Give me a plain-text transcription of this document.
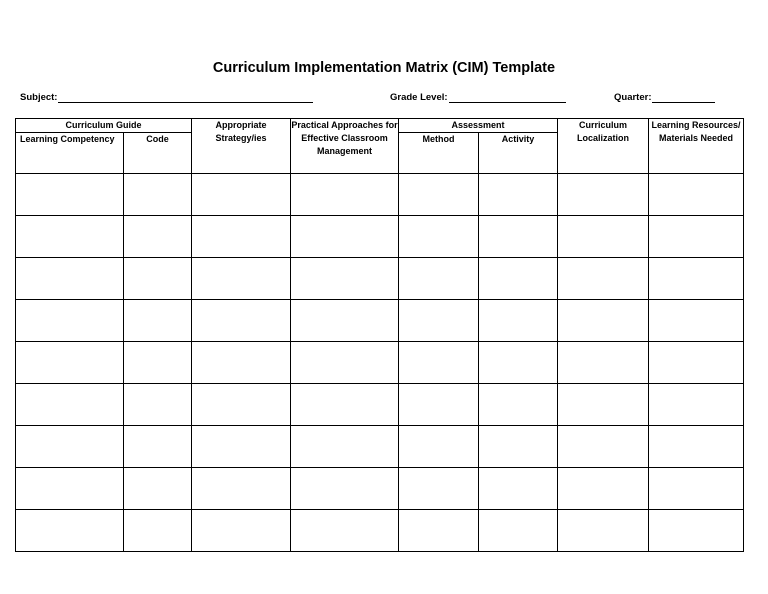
Curriculum Implementation Matrix (CIM) Template
Subject:	Grade Level:	Quarter:
Curriculum Guide		Appropriate Strategy/ies	Practical Approaches for Effective Classroom Management	Assessment		Curriculum Localization	Learning Resources/ Materials Needed
Learning Competency	Code			Method	Activity		
